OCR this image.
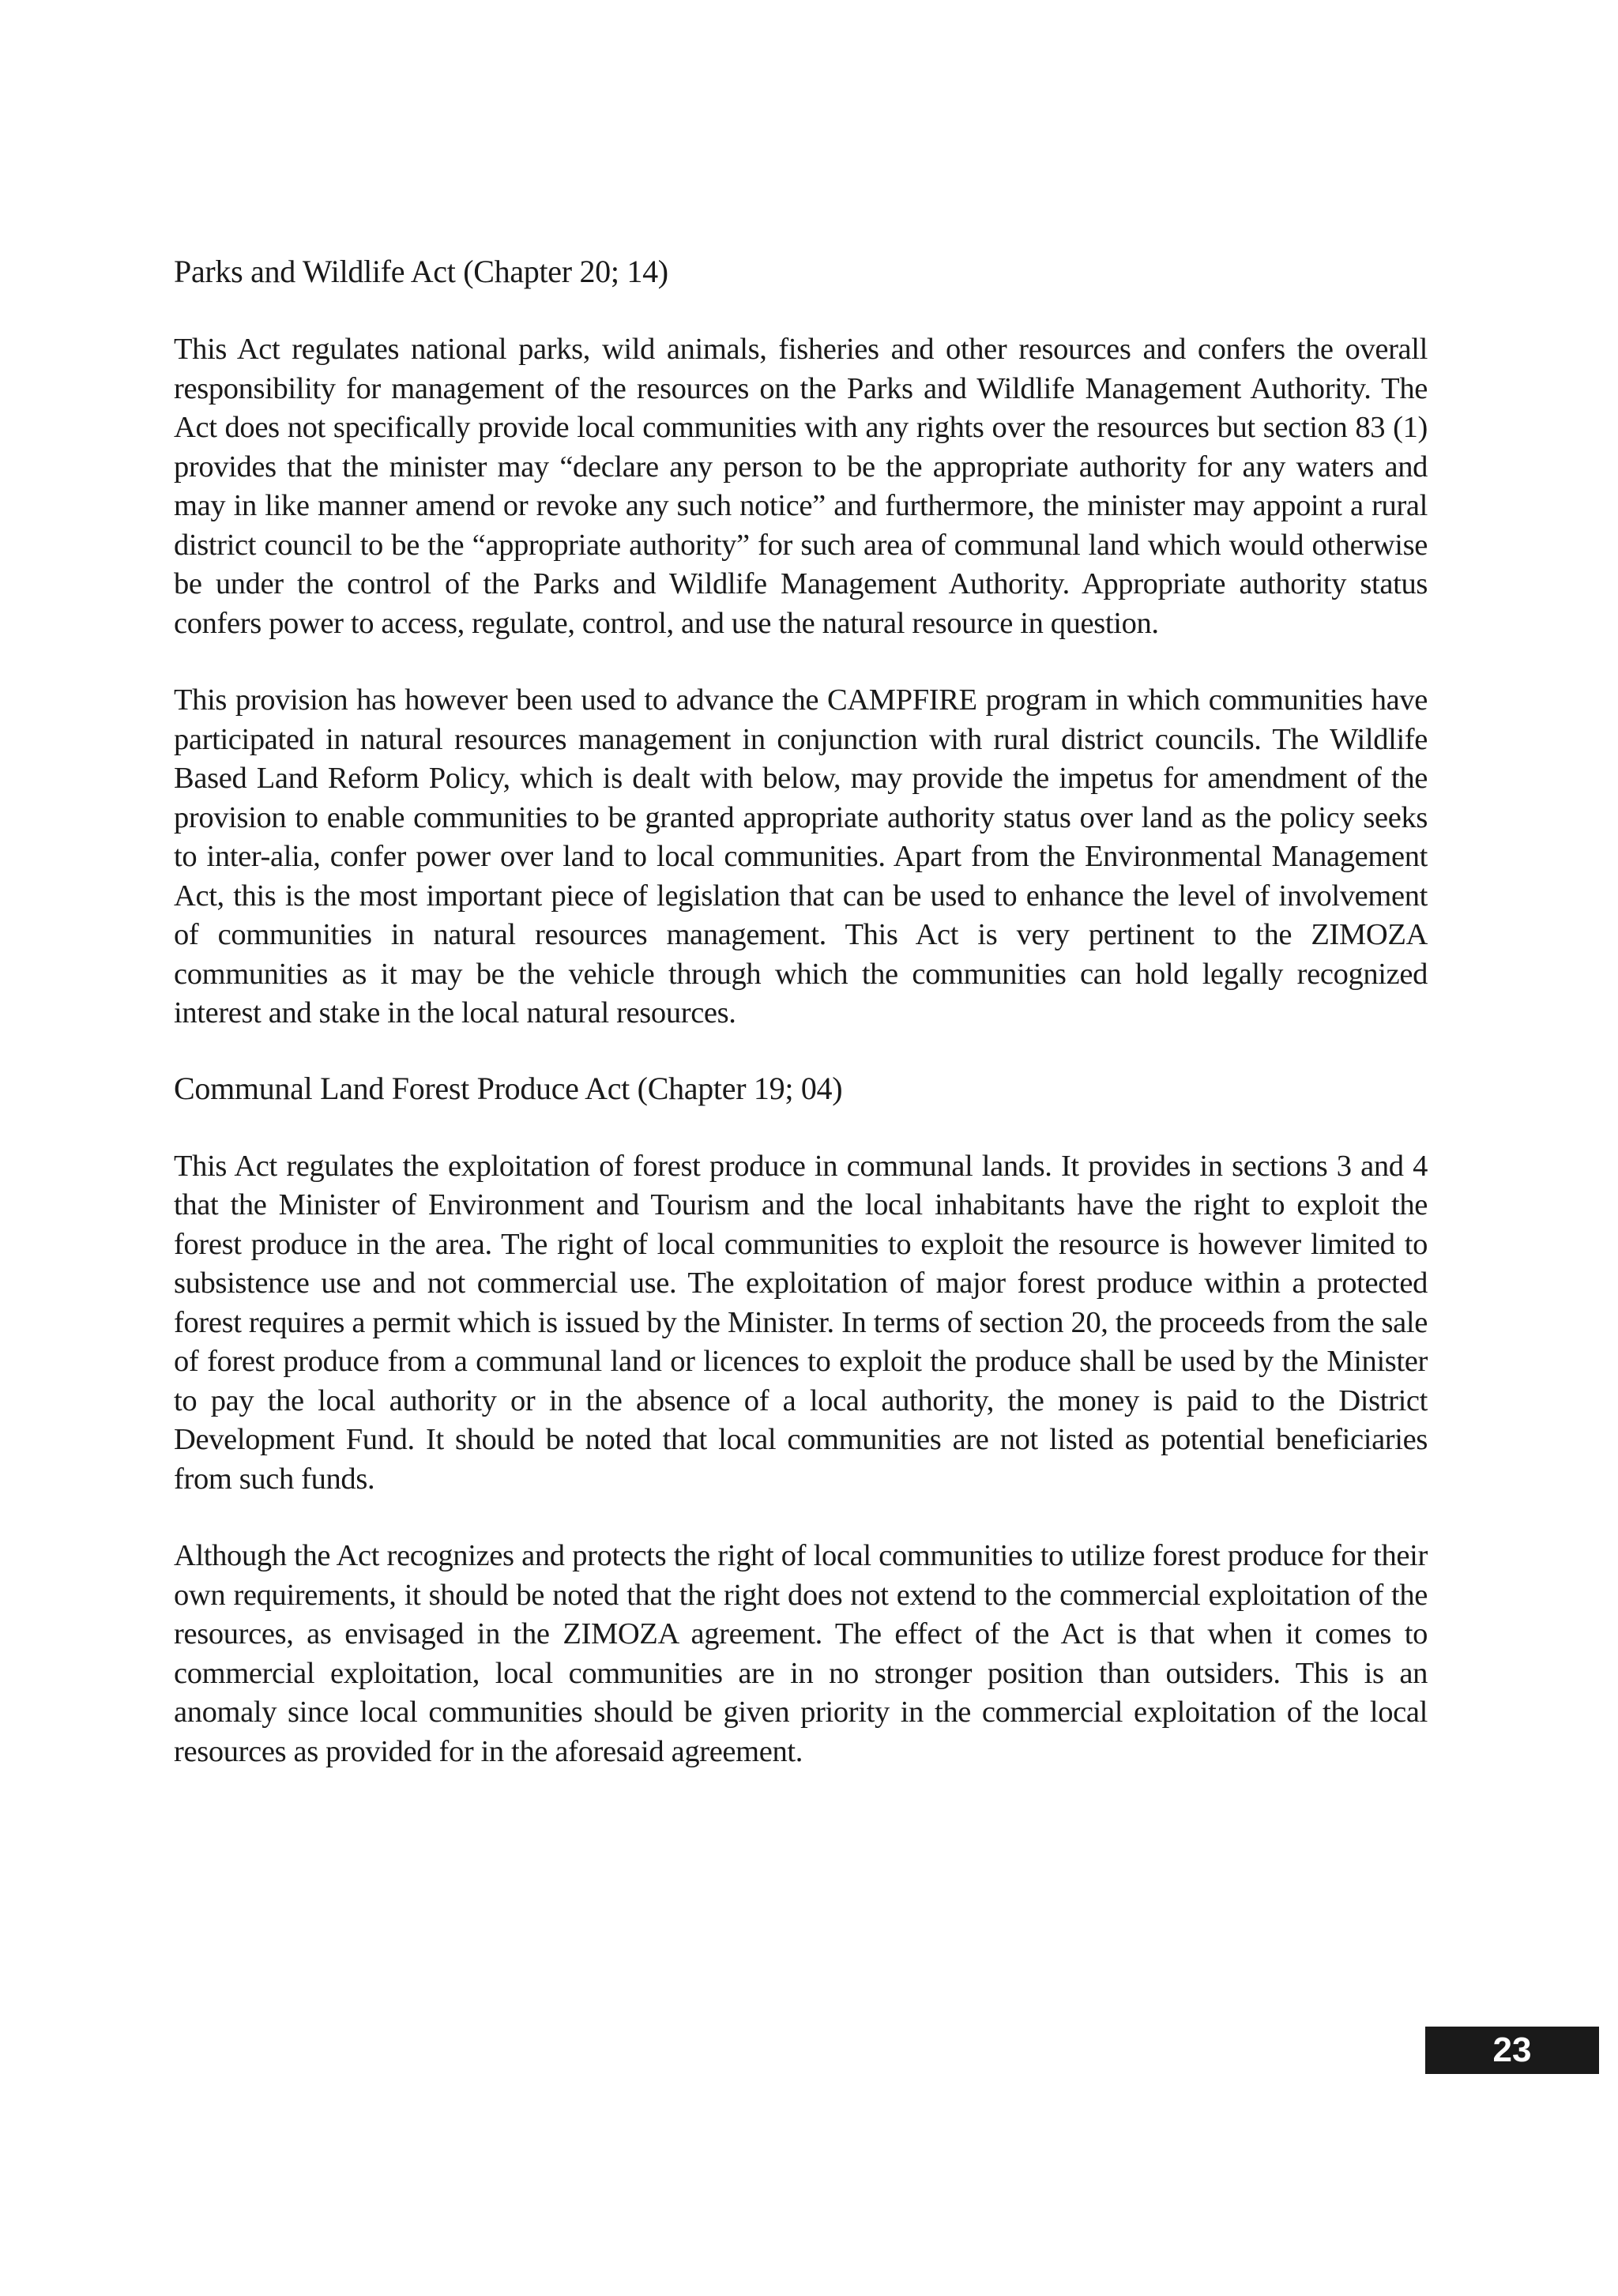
Parks and Wildlife Act (Chapter 20; 14)

This Act regulates national parks, wild animals, fisheries and other resources and confers the overall responsibility for management of the resources on the Parks and Wildlife Management Authority. The Act does not specifically provide local communities with any rights over the resources but section 83 (1) provides that the minister may “declare any person to be the appropriate authority for any waters and may in like manner amend or revoke any such notice” and furthermore, the minister may appoint a rural district council to be the “appropriate authority” for such area of communal land which would otherwise be under the control of the Parks and Wildlife Management Authority. Appropriate authority status confers power to access, regulate, control, and use the natural resource in question.

This provision has however been used to advance the CAMPFIRE program in which communities have participated in natural resources management in conjunction with rural district councils. The Wildlife Based Land Reform Policy, which is dealt with below, may provide the impetus for amendment of the provision to enable communities to be granted appropriate authority status over land as the policy seeks to inter-alia, confer power over land to local communities. Apart from the Environmental Management Act, this is the most important piece of legislation that can be used to enhance the level of involvement of communities in natural resources management. This Act is very pertinent to the ZIMOZA communities as it may be the vehicle through which the communities can hold legally recognized interest and stake in the local natural resources.

Communal Land Forest Produce Act (Chapter 19; 04)

This Act regulates the exploitation of forest produce in communal lands. It provides in sections 3 and 4 that the Minister of Environment and Tourism and the local inhabitants have the right to exploit the forest produce in the area. The right of local communities to exploit the resource is however limited to subsistence use and not commercial use. The exploitation of major forest produce within a protected forest requires a permit which is issued by the Minister. In terms of section 20, the proceeds from the sale of forest produce from a communal land or licences to exploit the produce shall be used by the Minister to pay the local authority or in the absence of a local authority, the money is paid to the District Development Fund. It should be noted that local communities are not listed as potential beneficiaries from such funds.

Although the Act recognizes and protects the right of local communities to utilize forest produce for their own requirements, it should be noted that the right does not extend to the commercial exploitation of the resources, as envisaged in the ZIMOZA agreement. The effect of the Act is that when it comes to commercial exploitation, local communities are in no stronger position than outsiders. This is an anomaly since local communities should be given priority in the commercial exploitation of the local resources as provided for in the aforesaid agreement.

23
